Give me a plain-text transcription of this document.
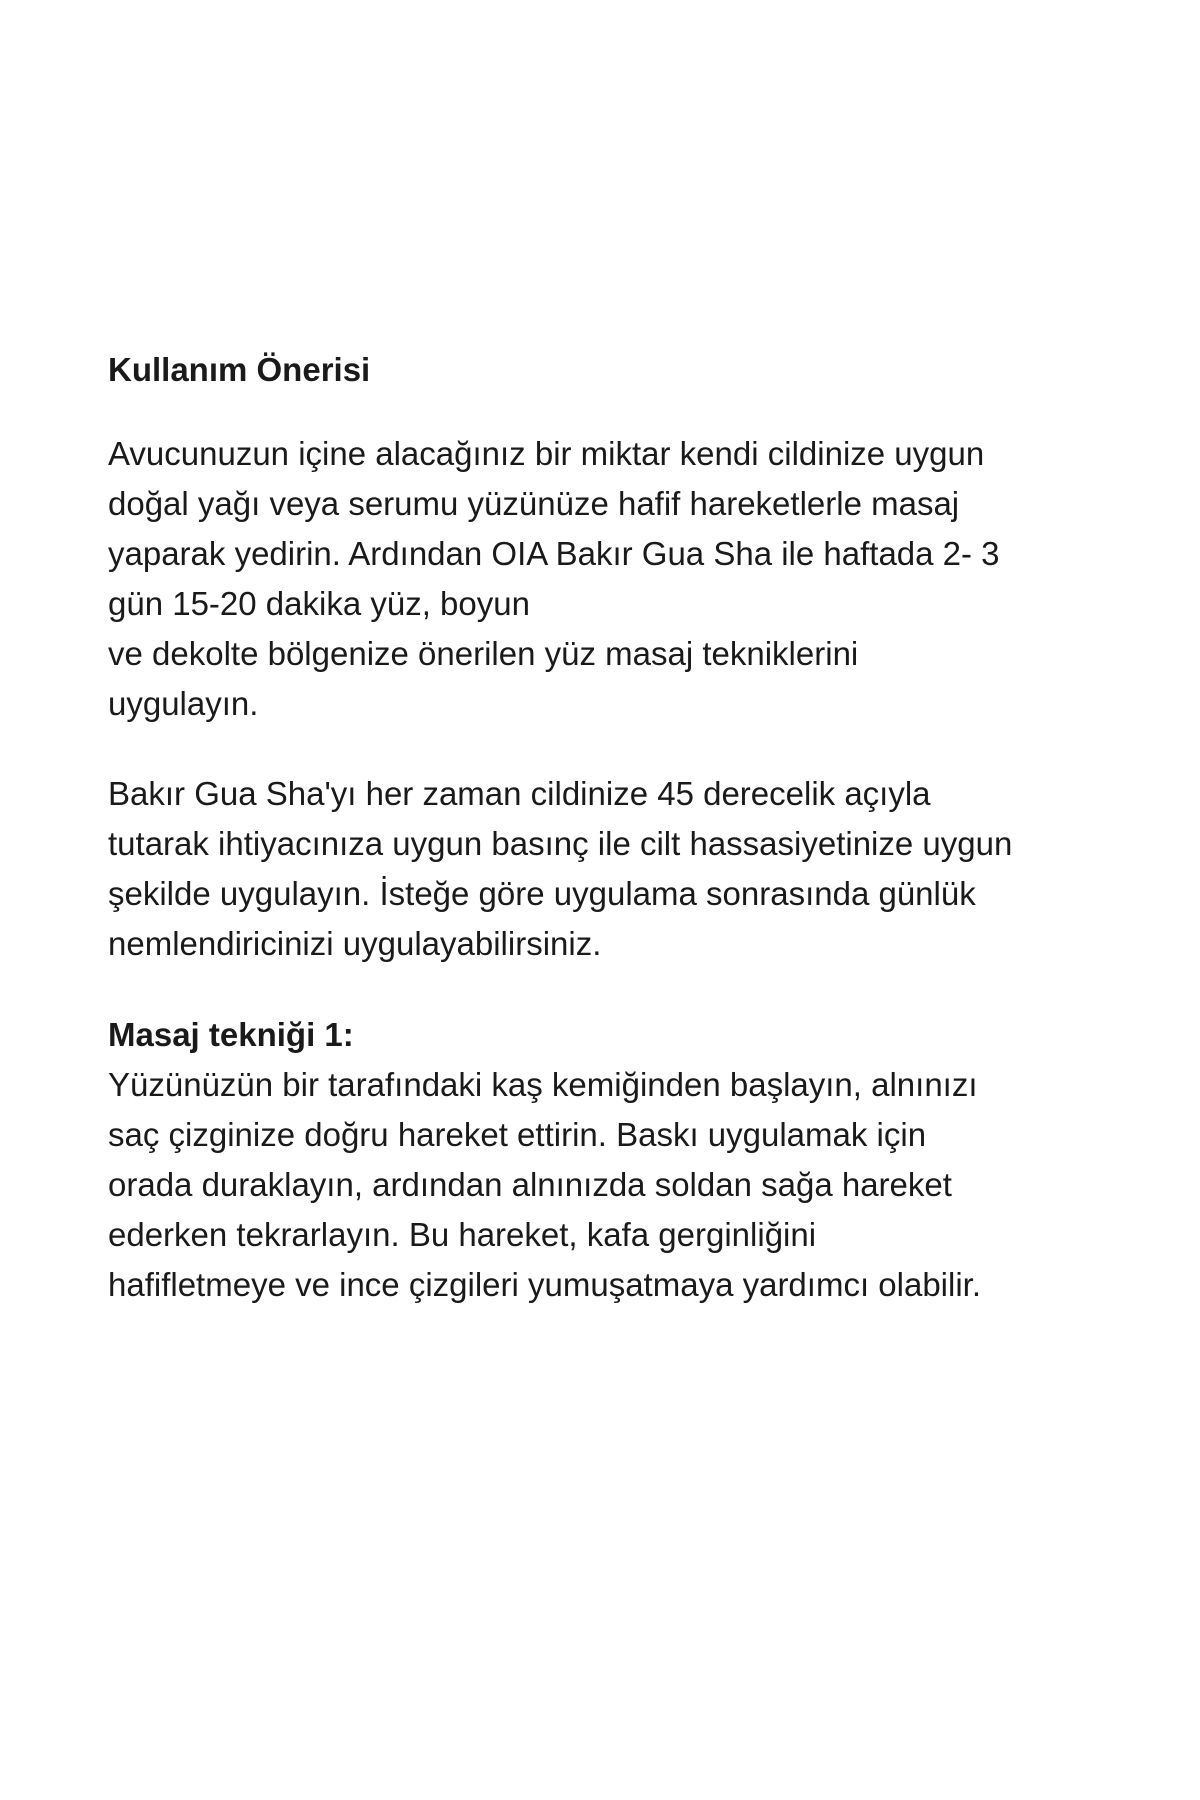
Kullanım Önerisi

Avucunuzun içine alacağınız bir miktar kendi cildinize uygun

doğal yağı veya serumu yüzünüze hafif hareketlerle masaj

yaparak yedirin. Ardından OIA Bakır Gua Sha ile haftada 2- 3

gün 15-20 dakika yüz, boyun

ve dekolte bölgenize önerilen yüz masaj tekniklerini

uygulayın.

Bakır Gua Sha'yı her zaman cildinize 45 derecelik açıyla

tutarak ihtiyacınıza uygun basınç ile cilt hassasiyetinize uygun

şekilde uygulayın. İsteğe göre uygulama sonrasında günlük

nemlendiricinizi uygulayabilirsiniz.

Masaj tekniği 1:

Yüzünüzün bir tarafındaki kaş kemiğinden başlayın, alnınızı

saç çizginize doğru hareket ettirin. Baskı uygulamak için

orada duraklayın, ardından alnınızda soldan sağa hareket

ederken tekrarlayın. Bu hareket, kafa gerginliğini

hafifletmeye ve ince çizgileri yumuşatmaya yardımcı olabilir.
